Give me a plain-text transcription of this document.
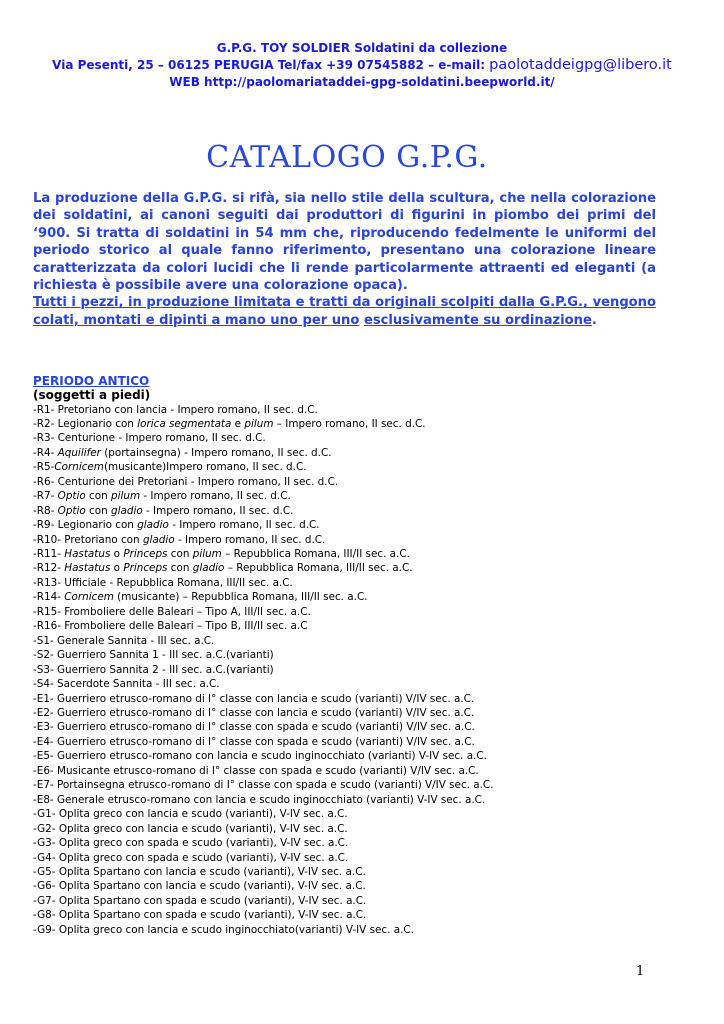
G.P.G. TOY SOLDIER Soldatini da collezione
Via Pesenti, 25 – 06125 PERUGIA Tel/fax +39 07545882 – e-mail: paolotaddeigpg@libero.it
WEB http://paolomariataddei-gpg-soldatini.beepworld.it/
CATALOGO G.P.G.

La produzione della G.P.G. si rifà, sia nello stile della scultura, che nella colorazione dei soldatini, ai canoni seguiti dai produttori di figurini in piombo dei primi del ‘900. Si tratta di soldatini in 54 mm che, riproducendo fedelmente le uniformi del periodo storico al quale fanno riferimento, presentano una colorazione lineare caratterizzata da colori lucidi che li rende particolarmente attraenti ed eleganti (a richiesta è possibile avere una colorazione opaca).

Tutti i pezzi, in produzione limitata e tratti da originali scolpiti dalla G.P.G., vengono colati, montati e dipinti a mano uno per uno esclusivamente su ordinazione.

PERIODO ANTICO
(soggetti a piedi)
-R1- Pretoriano con lancia - Impero romano, II sec. d.C.
-R2- Legionario con lorica segmentata e pilum – Impero romano, II sec. d.C.
-R3- Centurione - Impero romano, II sec. d.C.
-R4- Aquilifer (portainsegna) - Impero romano, II sec. d.C.
-R5-Cornicem(musicante)Impero romano, II sec. d.C.
-R6- Centurione dei Pretoriani - Impero romano, II sec. d.C.
-R7- Optio con pilum - Impero romano, II sec. d.C.
-R8- Optio con gladio - Impero romano, II sec. d.C.
-R9- Legionario con gladio - Impero romano, II sec. d.C.
-R10- Pretoriano con gladio - Impero romano, II sec. d.C.
-R11- Hastatus o Princeps con pilum – Repubblica Romana, III/II sec. a.C.
-R12- Hastatus o Princeps con gladio – Repubblica Romana, III/II sec. a.C.
-R13- Ufficiale - Repubblica Romana, III/II sec. a.C.
-R14- Cornicem (musicante) – Repubblica Romana, III/II sec. a.C.
-R15- Fromboliere delle Baleari – Tipo A, III/II sec. a.C.
-R16- Fromboliere delle Baleari – Tipo B, III/II sec. a.C
-S1- Generale Sannita - III sec. a.C.
-S2- Guerriero Sannita 1 - III sec. a.C.(varianti)
-S3- Guerriero Sannita 2 - III sec. a.C.(varianti)
-S4- Sacerdote Sannita - III sec. a.C.
-E1- Guerriero etrusco-romano di I° classe con lancia e scudo (varianti) V/IV sec. a.C.
-E2- Guerriero etrusco-romano di I° classe con lancia e scudo (varianti) V/IV sec. a.C.
-E3- Guerriero etrusco-romano di I° classe con spada e scudo (varianti) V/IV sec. a.C.
-E4- Guerriero etrusco-romano di I° classe con spada e scudo (varianti) V/IV sec. a.C.
-E5- Guerriero etrusco-romano con lancia e scudo inginocchiato (varianti) V-IV sec. a.C.
-E6- Musicante etrusco-romano di I° classe con spada e scudo (varianti) V/IV sec. a.C.
-E7- Portainsegna etrusco-romano di I° classe con spada e scudo (varianti) V/IV sec. a.C.
-E8- Generale etrusco-romano con lancia e scudo inginocchiato (varianti) V-IV sec. a.C.
-G1- Oplita greco con lancia e scudo (varianti), V-IV sec. a.C.
-G2- Oplita greco con lancia e scudo (varianti), V-IV sec. a.C.
-G3- Oplita greco con spada e scudo (varianti), V-IV sec. a.C.
-G4- Oplita greco con spada e scudo (varianti), V-IV sec. a.C.
-G5- Oplita Spartano con lancia e scudo (varianti), V-IV sec. a.C.
-G6- Oplita Spartano con lancia e scudo (varianti), V-IV sec. a.C.
-G7- Oplita Spartano con spada e scudo (varianti), V-IV sec. a.C.
-G8- Oplita Spartano con spada e scudo (varianti), V-IV sec. a.C.
-G9- Oplita greco con lancia e scudo inginocchiato(varianti) V-IV sec. a.C.
1
